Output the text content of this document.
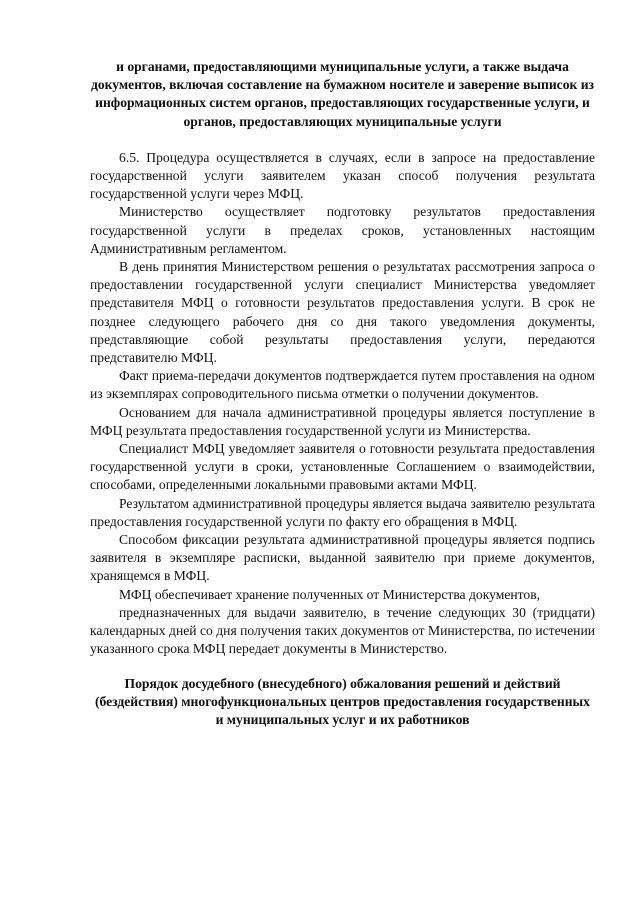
и органами, предоставляющими муниципальные услуги, а также выдача документов, включая составление на бумажном носителе и заверение выписок из информационных систем органов, предоставляющих государственные услуги, и органов, предоставляющих муниципальные услуги

6.5. Процедура осуществляется в случаях, если в запросе на предоставление государственной услуги заявителем указан способ получения результата государственной услуги через МФЦ.

Министерство осуществляет подготовку результатов предоставления государственной услуги в пределах сроков, установленных настоящим Административным регламентом.

В день принятия Министерством решения о результатах рассмотрения запроса о предоставлении государственной услуги специалист Министерства уведомляет представителя МФЦ о готовности результатов предоставления услуги. В срок не позднее следующего рабочего дня со дня такого уведомления документы, представляющие собой результаты предоставления услуги, передаются представителю МФЦ.

Факт приема-передачи документов подтверждается путем проставления на одном из экземплярах сопроводительного письма отметки о получении документов.

Основанием для начала административной процедуры является поступление в МФЦ результата предоставления государственной услуги из Министерства.

Специалист МФЦ уведомляет заявителя о готовности результата предоставления государственной услуги в сроки, установленные Соглашением о взаимодействии, способами, определенными локальными правовыми актами МФЦ.

Результатом административной процедуры является выдача заявителю результата предоставления государственной услуги по факту его обращения в МФЦ.

Способом фиксации результата административной процедуры является подпись заявителя в экземпляре расписки, выданной заявителю при приеме документов, хранящемся в МФЦ.

МФЦ обеспечивает хранение полученных от Министерства документов,

предназначенных для выдачи заявителю, в течение следующих 30 (тридцати) календарных дней со дня получения таких документов от Министерства, по истечении указанного срока МФЦ передает документы в Министерство.

Порядок досудебного (внесудебного) обжалования решений и действий (бездействия) многофункциональных центров предоставления государственных и муниципальных услуг и их работников
